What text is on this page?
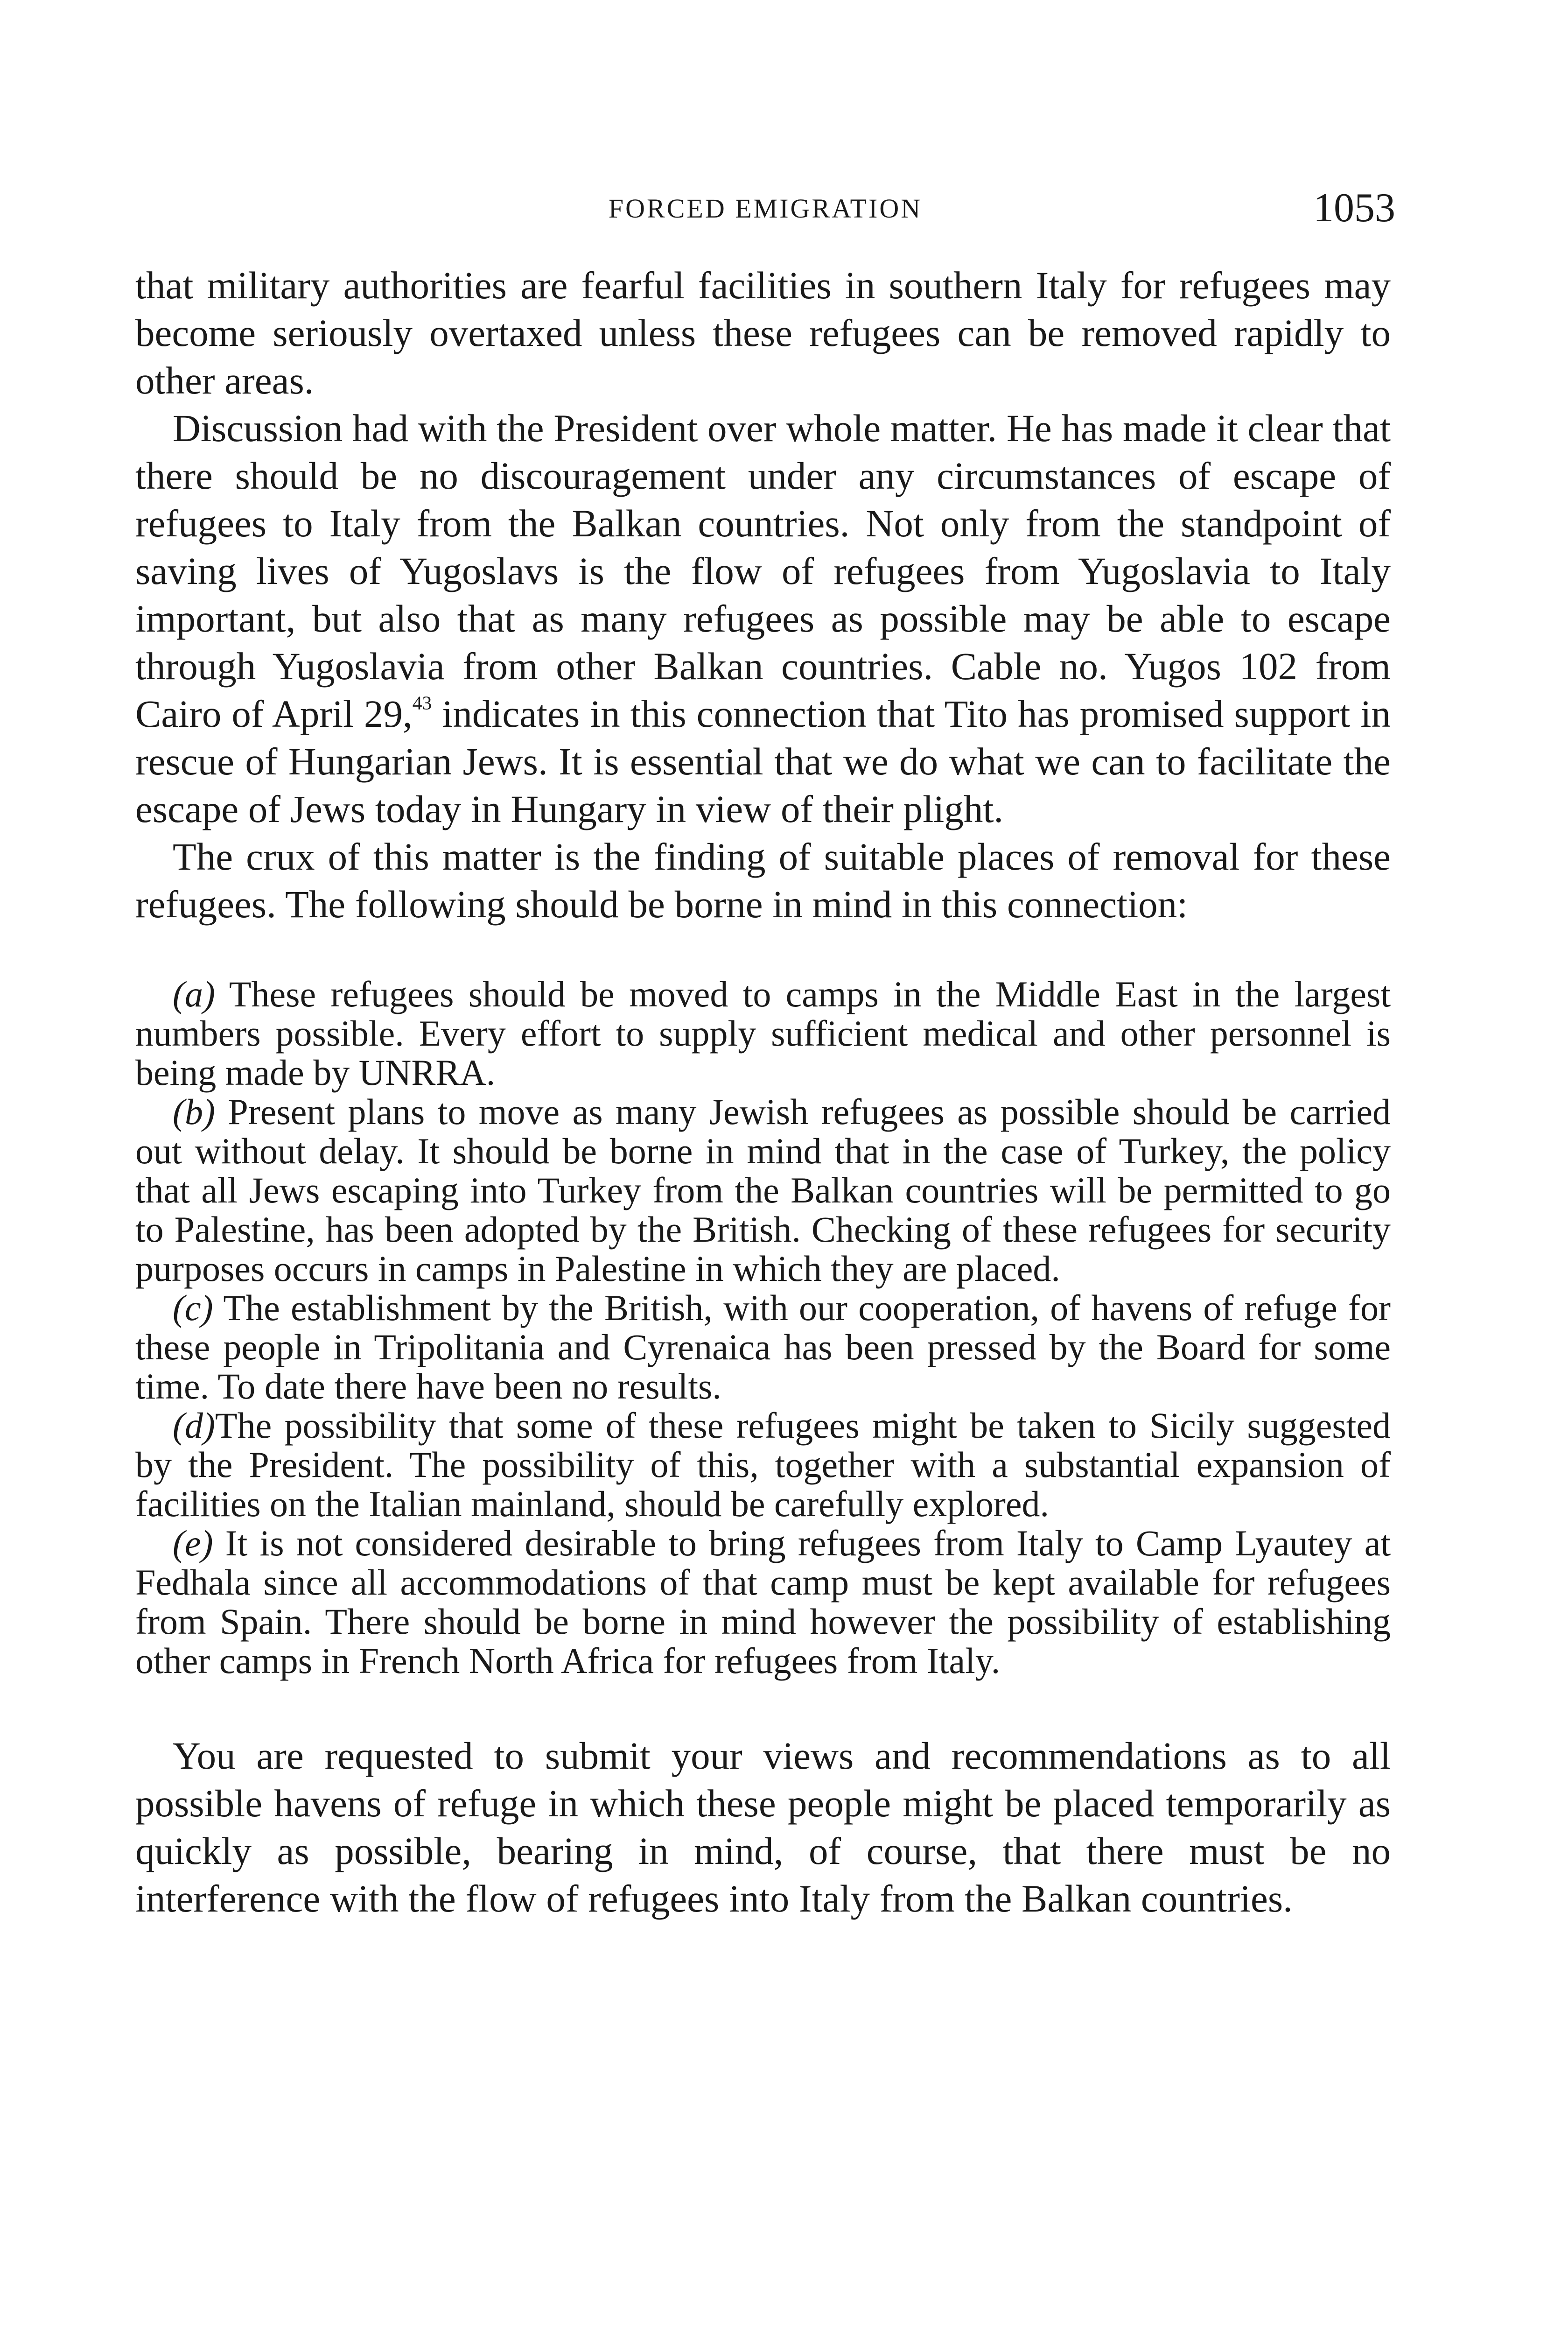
FORCED EMIGRATION	1053

that military authorities are fearful facilities in southern Italy for refugees may become seriously overtaxed unless these refugees can be removed rapidly to other areas.

Discussion had with the President over whole matter. He has made it clear that there should be no discouragement under any circumstances of escape of refugees to Italy from the Balkan countries. Not only from the standpoint of saving lives of Yugoslavs is the flow of refugees from Yugoslavia to Italy important, but also that as many refugees as possible may be able to escape through Yugoslavia from other Balkan countries. Cable no. Yugos 102 from Cairo of April 29,43 indicates in this connection that Tito has promised support in rescue of Hungarian Jews. It is essential that we do what we can to facilitate the escape of Jews today in Hungary in view of their plight.

The crux of this matter is the finding of suitable places of removal for these refugees. The following should be borne in mind in this connection:

(a) These refugees should be moved to camps in the Middle East in the largest numbers possible. Every effort to supply sufficient medical and other personnel is being made by UNRRA.

(b) Present plans to move as many Jewish refugees as possible should be carried out without delay. It should be borne in mind that in the case of Turkey, the policy that all Jews escaping into Turkey from the Balkan countries will be permitted to go to Palestine, has been adopted by the British. Checking of these refugees for security purposes occurs in camps in Palestine in which they are placed.

(c) The establishment by the British, with our cooperation, of havens of refuge for these people in Tripolitania and Cyrenaica has been pressed by the Board for some time. To date there have been no results.

(d)The possibility that some of these refugees might be taken to Sicily suggested by the President. The possibility of this, together with a substantial expansion of facilities on the Italian mainland, should be carefully explored.

(e) It is not considered desirable to bring refugees from Italy to Camp Lyautey at Fedhala since all accommodations of that camp must be kept available for refugees from Spain. There should be borne in mind however the possibility of establishing other camps in French North Africa for refugees from Italy.

You are requested to submit your views and recommendations as to all possible havens of refuge in which these people might be placed temporarily as quickly as possible, bearing in mind, of course, that there must be no interference with the flow of refugees into Italy from the Balkan countries.
